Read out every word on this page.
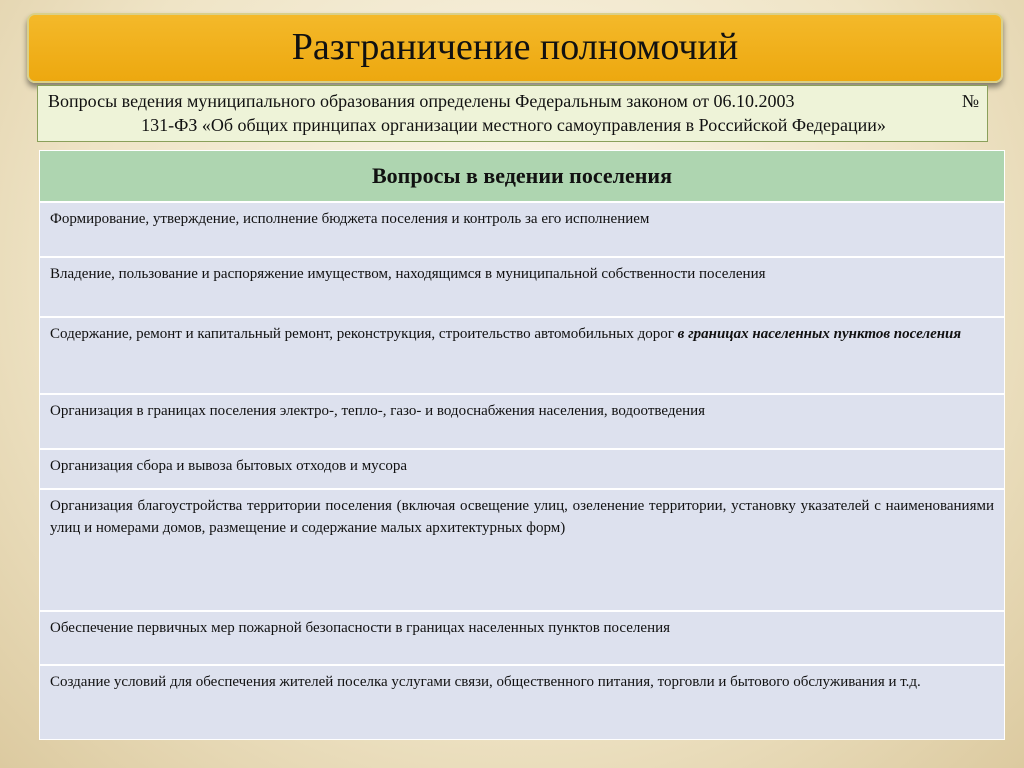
Разграничение полномочий
Вопросы ведения муниципального образования определены Федеральным законом от 06.10.2003	№
131-ФЗ «Об общих принципах организации местного самоуправления в Российской Федерации»
Вопросы в ведении поселения
Формирование, утверждение, исполнение бюджета поселения и контроль за его исполнением
Владение, пользование и распоряжение имуществом, находящимся в муниципальной собственности поселения
Содержание, ремонт и капитальный ремонт, реконструкция, строительство автомобильных дорог в границах населенных пунктов поселения
Организация в границах поселения электро-, тепло-, газо- и водоснабжения населения, водоотведения
Организация сбора и вывоза бытовых отходов и мусора
Организация благоустройства территории поселения (включая освещение улиц, озеленение территории, установку указателей с наименованиями улиц и номерами домов, размещение и содержание малых архитектурных форм)
Обеспечение первичных мер пожарной безопасности в границах населенных пунктов поселения
Создание условий для обеспечения жителей поселка услугами связи, общественного питания, торговли и бытового обслуживания и т.д.
